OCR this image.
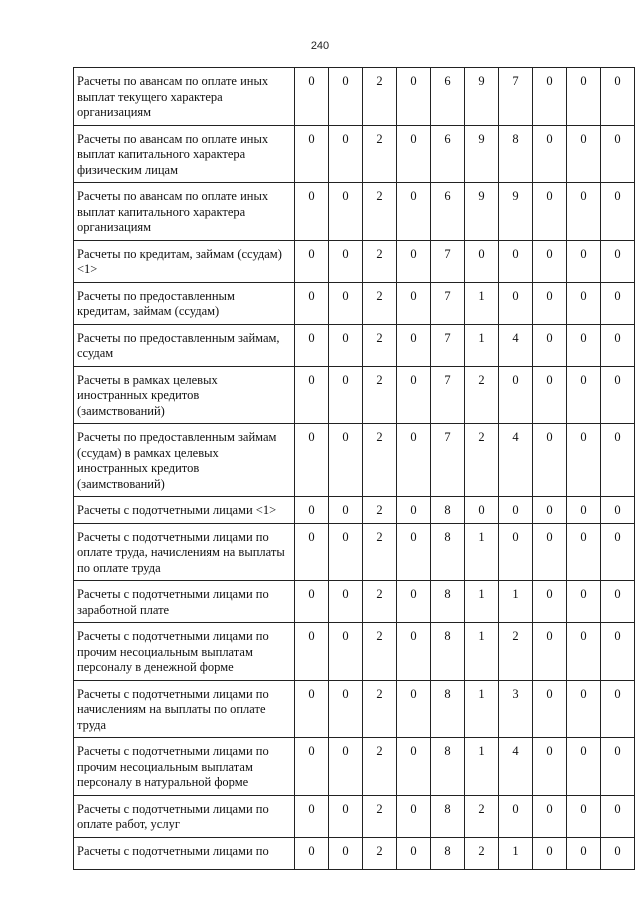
240
Расчеты по авансам по оплате иных выплат текущего характера организациям	0	0	2	0	6	9	7	0	0	0
Расчеты по авансам по оплате иных выплат капитального характера физическим лицам	0	0	2	0	6	9	8	0	0	0
Расчеты по авансам по оплате иных выплат капитального характера организациям	0	0	2	0	6	9	9	0	0	0
Расчеты по кредитам, займам (ссудам) <1>	0	0	2	0	7	0	0	0	0	0
Расчеты по предоставленным кредитам, займам (ссудам)	0	0	2	0	7	1	0	0	0	0
Расчеты по предоставленным займам, ссудам	0	0	2	0	7	1	4	0	0	0
Расчеты в рамках целевых иностранных кредитов (заимствований)	0	0	2	0	7	2	0	0	0	0
Расчеты по предоставленным займам (ссудам) в рамках целевых иностранных кредитов (заимствований)	0	0	2	0	7	2	4	0	0	0
Расчеты с подотчетными лицами <1>	0	0	2	0	8	0	0	0	0	0
Расчеты с подотчетными лицами по оплате труда, начислениям на выплаты по оплате труда	0	0	2	0	8	1	0	0	0	0
Расчеты с подотчетными лицами по заработной плате	0	0	2	0	8	1	1	0	0	0
Расчеты с подотчетными лицами по прочим несоциальным выплатам персоналу в денежной форме	0	0	2	0	8	1	2	0	0	0
Расчеты с подотчетными лицами по начислениям на выплаты по оплате труда	0	0	2	0	8	1	3	0	0	0
Расчеты с подотчетными лицами по прочим несоциальным выплатам персоналу в натуральной форме	0	0	2	0	8	1	4	0	0	0
Расчеты с подотчетными лицами по оплате работ, услуг	0	0	2	0	8	2	0	0	0	0
Расчеты с подотчетными лицами по	0	0	2	0	8	2	1	0	0	0
